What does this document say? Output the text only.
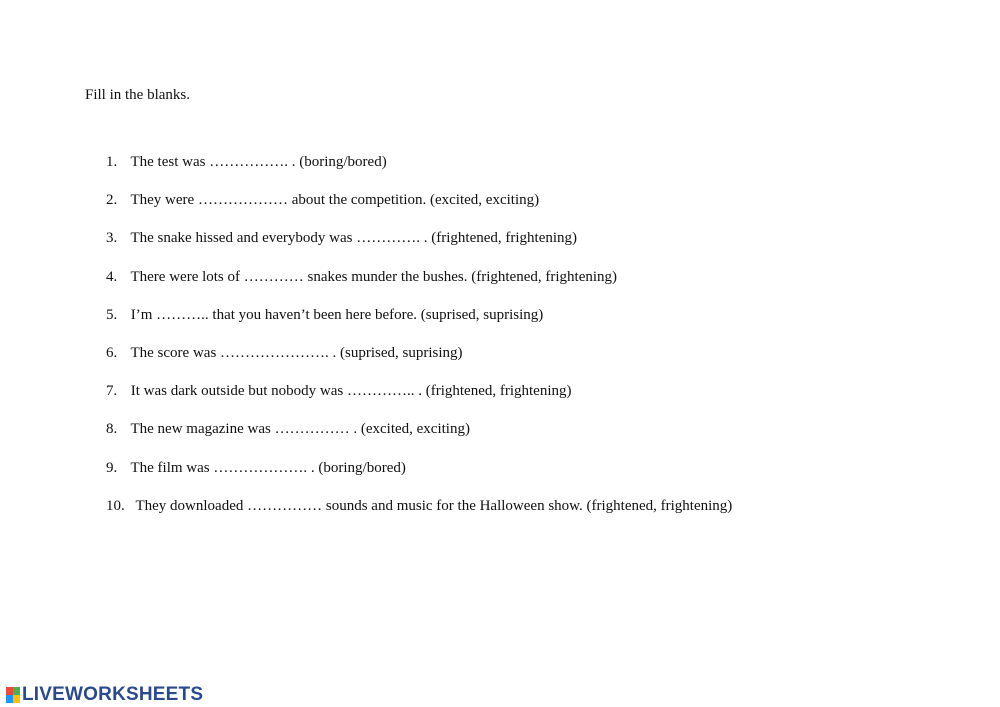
Fill in the blanks.

1. The test was ……………. . (boring/bored)
2. They were ……………… about the competition. (excited, exciting)
3. The snake hissed and everybody was …………. . (frightened, frightening)
4. There were lots of ………… snakes munder the bushes. (frightened, frightening)
5. I’m ……….. that you haven’t been here before. (suprised, suprising)
6. The score was …………………. . (suprised, suprising)
7. It was dark outside but nobody was ………….. . (frightened, frightening)
8. The new magazine was …………… . (excited, exciting)
9. The film was ………………. . (boring/bored)
10. They downloaded …………… sounds and music for the Halloween show. (frightened, frightening)
LIVEWORKSHEETS
